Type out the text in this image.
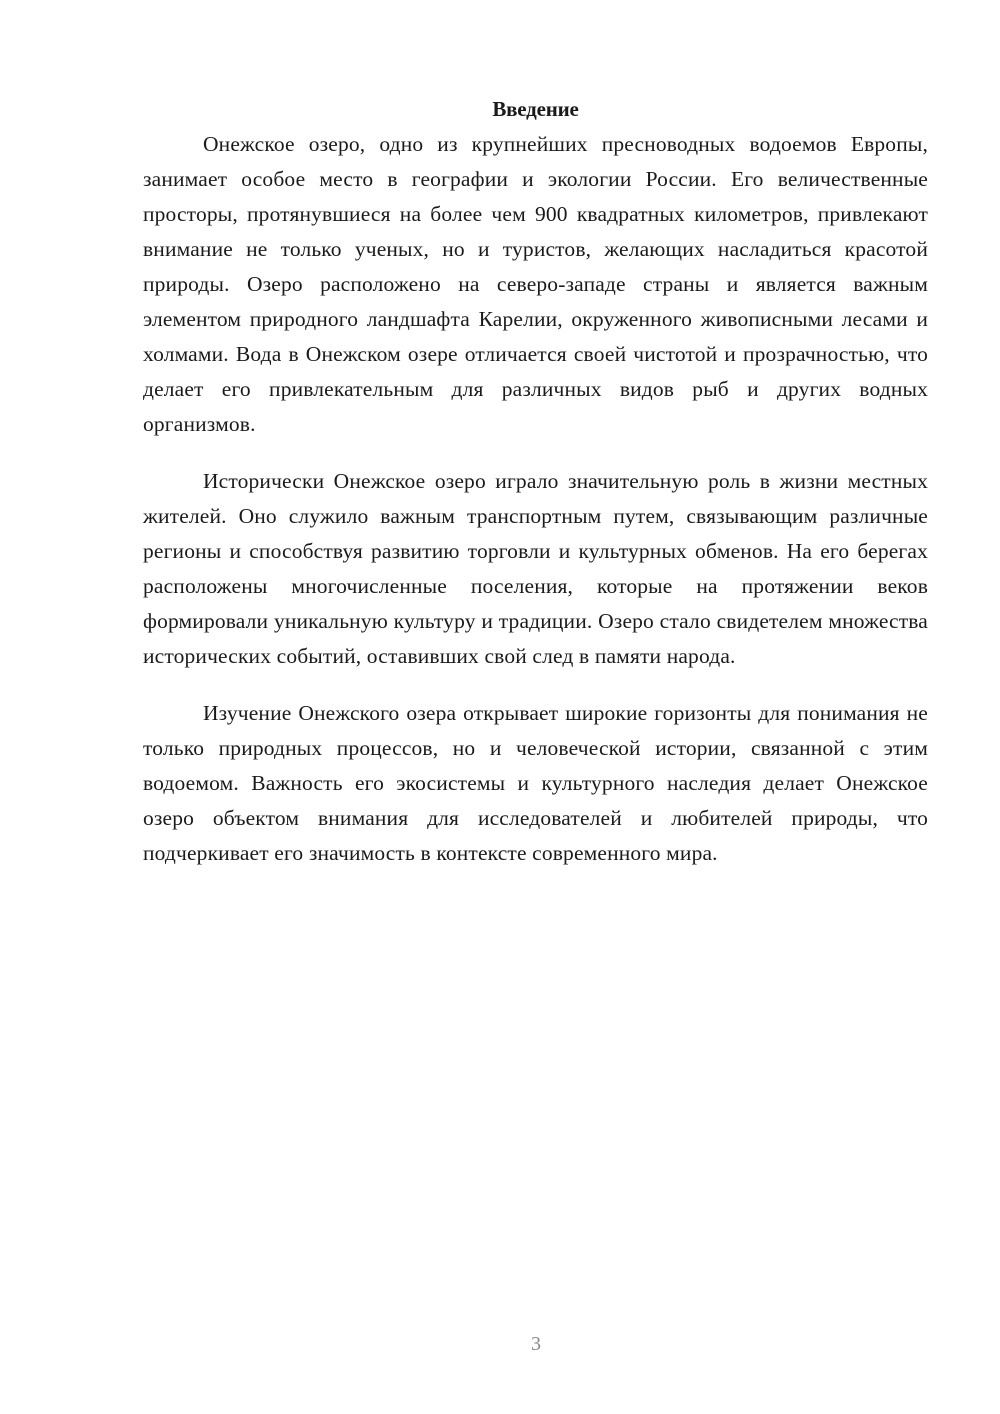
Введение

Онежское озеро, одно из крупнейших пресноводных водоемов Европы, занимает особое место в географии и экологии России. Его величественные просторы, протянувшиеся на более чем 900 квадратных километров, привлекают внимание не только ученых, но и туристов, желающих насладиться красотой природы. Озеро расположено на северо-западе страны и является важным элементом природного ландшафта Карелии, окруженного живописными лесами и холмами. Вода в Онежском озере отличается своей чистотой и прозрачностью, что делает его привлекательным для различных видов рыб и других водных организмов.

Исторически Онежское озеро играло значительную роль в жизни местных жителей. Оно служило важным транспортным путем, связывающим различные регионы и способствуя развитию торговли и культурных обменов. На его берегах расположены многочисленные поселения, которые на протяжении веков формировали уникальную культуру и традиции. Озеро стало свидетелем множества исторических событий, оставивших свой след в памяти народа.

Изучение Онежского озера открывает широкие горизонты для понимания не только природных процессов, но и человеческой истории, связанной с этим водоемом. Важность его экосистемы и культурного наследия делает Онежское озеро объектом внимания для исследователей и любителей природы, что подчеркивает его значимость в контексте современного мира.

3
